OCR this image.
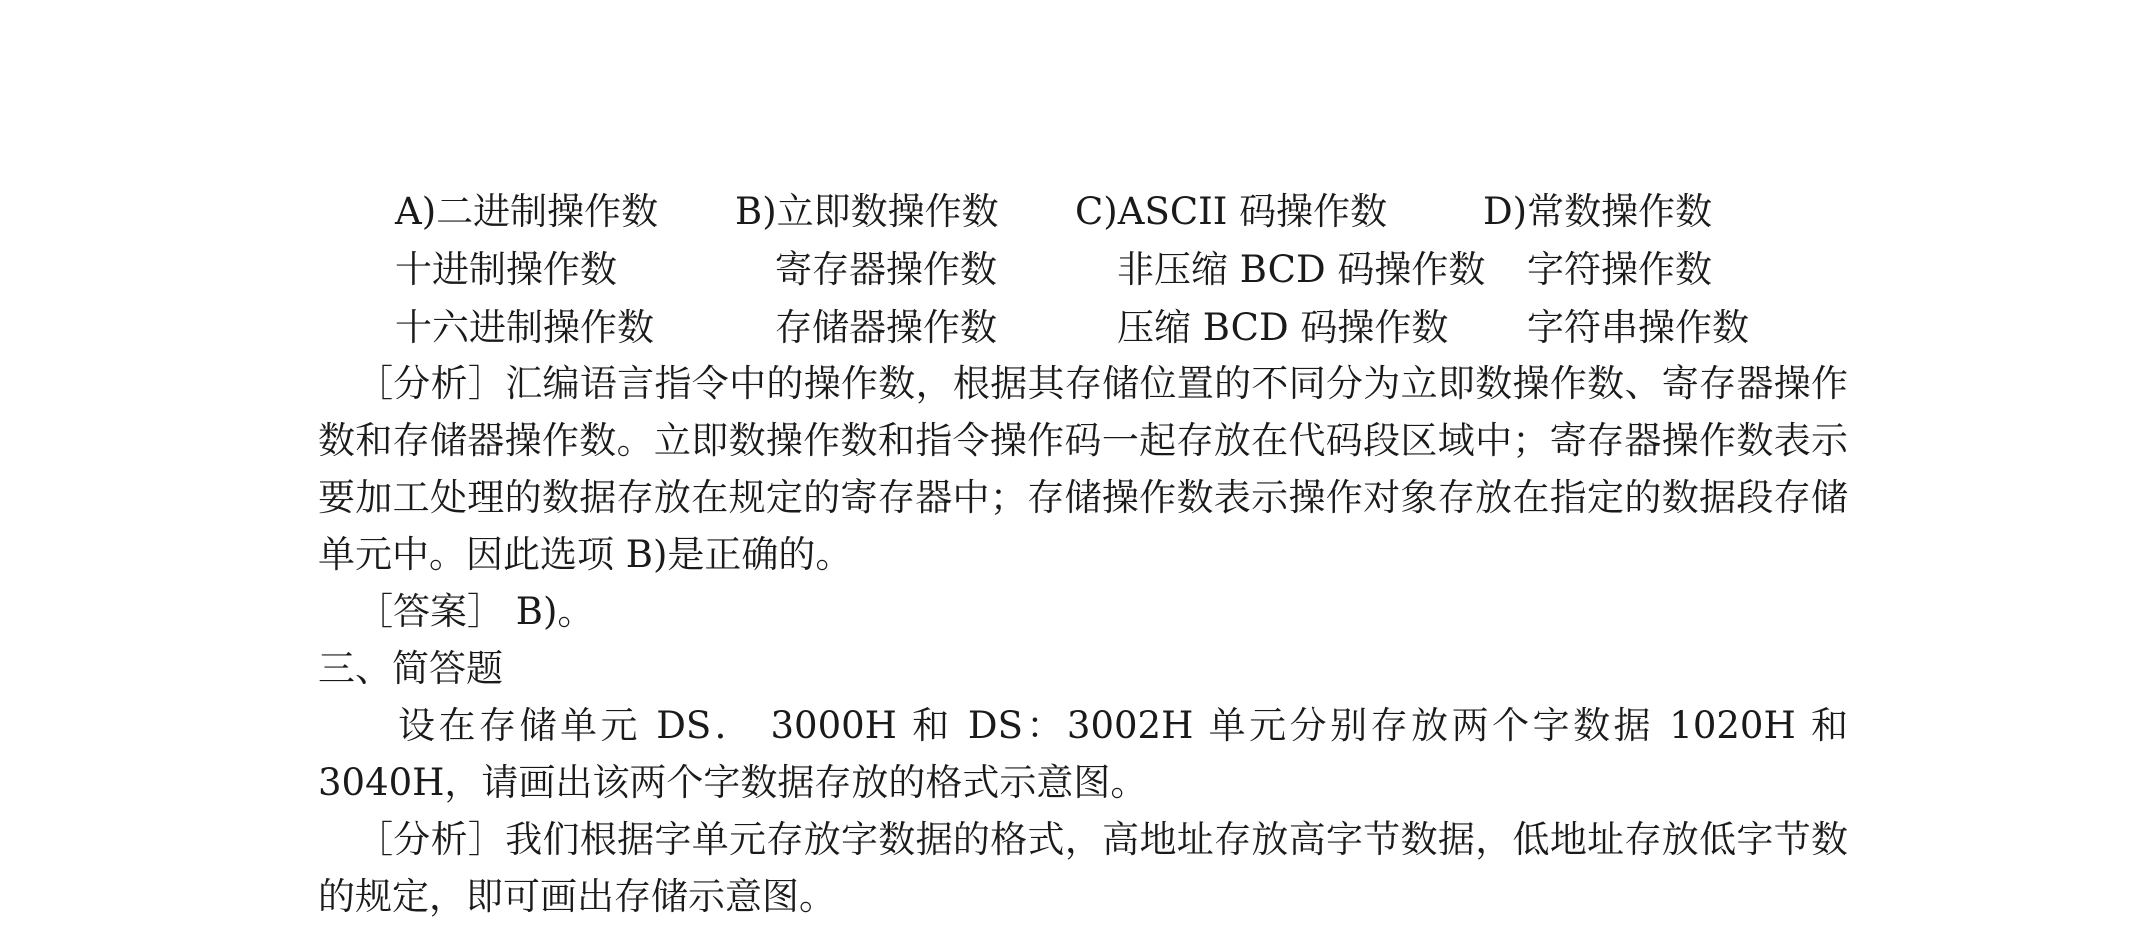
A)二进制操作数 B)立即数操作数 C)ASCII 码操作数	D)常数操作数
十进制操作数	寄存器操作数	非压缩 BCD 码操作数 字符操作数
十六进制操作数	存储器操作数	压缩 BCD 码操作数 字符串操作数

［分析］汇编语言指令中的操作数，根据其存储位置的不同分为立即数操作数、寄存器操作数和存储器操作数。立即数操作数和指令操作码一起存放在代码段区域中；寄存器操作数表示要加工处理的数据存放在规定的寄存器中；存储操作数表示操作对象存放在指定的数据段存储单元中。因此选项 B)是正确的。

［答案］ B)。

三、简答题

设在存储单元 DS． 3000H 和 DS：3002H 单元分别存放两个字数据 1020H 和 3040H，请画出该两个字数据存放的格式示意图。

［分析］我们根据字单元存放字数据的格式，高地址存放高字节数据，低地址存放低字节数的规定，即可画出存储示意图。
